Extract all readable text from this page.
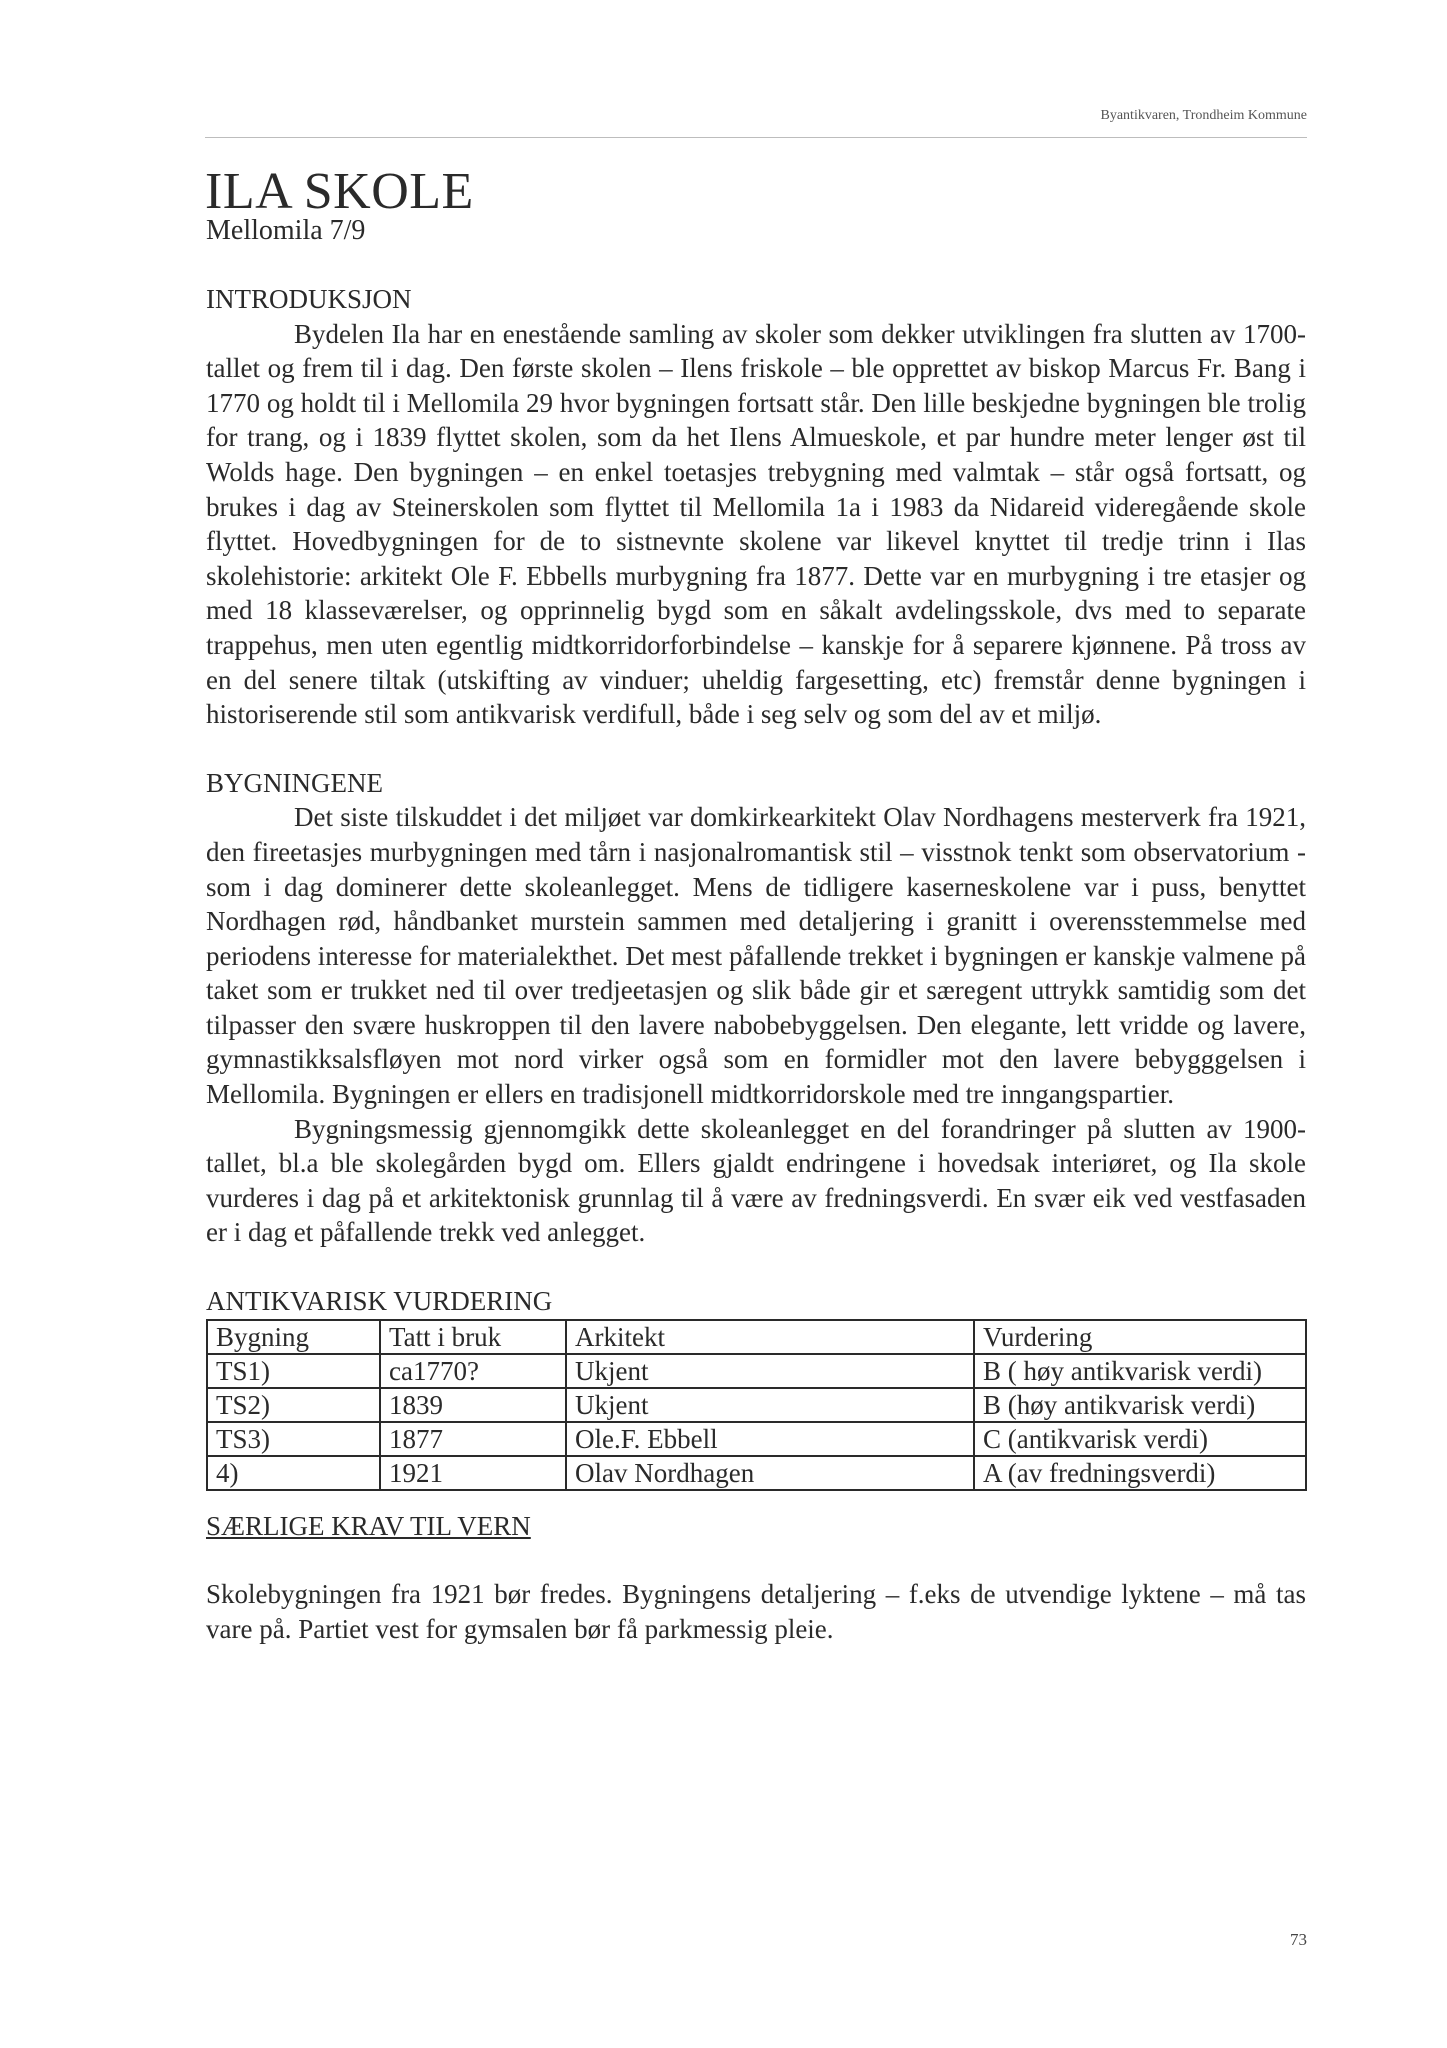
Byantikvaren, Trondheim Kommune
ILA SKOLE
Mellomila 7/9
INTRODUKSJON

Bydelen Ila har en enestående samling av skoler som dekker utviklingen fra slutten av 1700-tallet og frem til i dag. Den første skolen – Ilens friskole – ble opprettet av biskop Marcus Fr. Bang i 1770 og holdt til i Mellomila 29 hvor bygningen fortsatt står. Den lille beskjedne bygningen ble trolig for trang, og i 1839 flyttet skolen, som da het Ilens Almueskole, et par hundre meter lenger øst til Wolds hage. Den bygningen – en enkel toetasjes trebygning med valmtak – står også fortsatt, og brukes i dag av Steinerskolen som flyttet til Mellomila 1a i 1983 da Nidareid videregående skole flyttet. Hovedbygningen for de to sistnevnte skolene var likevel knyttet til tredje trinn i Ilas skolehistorie: arkitekt Ole F. Ebbells murbygning fra 1877. Dette var en murbygning i tre etasjer og med 18 klasseværelser, og opprinnelig bygd som en såkalt avdelingsskole, dvs med to separate trappehus, men uten egentlig midtkorridorforbindelse – kanskje for å separere kjønnene. På tross av en del senere tiltak (utskifting av vinduer; uheldig fargesetting, etc) fremstår denne bygningen i historiserende stil som antikvarisk verdifull, både i seg selv og som del av et miljø.

BYGNINGENE

Det siste tilskuddet i det miljøet var domkirkearkitekt Olav Nordhagens mesterverk fra 1921, den fireetasjes murbygningen med tårn i nasjonalromantisk stil – visstnok tenkt som observatorium - som i dag dominerer dette skoleanlegget. Mens de tidligere kaserneskolene var i puss, benyttet Nordhagen rød, håndbanket murstein sammen med detaljering i granitt i overensstemmelse med periodens interesse for materialekthet. Det mest påfallende trekket i bygningen er kanskje valmene på taket som er trukket ned til over tredjeetasjen og slik både gir et særegent uttrykk samtidig som det tilpasser den svære huskroppen til den lavere nabobebyggelsen. Den elegante, lett vridde og lavere, gymnastikksalsfløyen mot nord virker også som en formidler mot den lavere bebygggelsen i Mellomila. Bygningen er ellers en tradisjonell midtkorridorskole med tre inngangspartier.

Bygningsmessig gjennomgikk dette skoleanlegget en del forandringer på slutten av 1900-tallet, bl.a ble skolegården bygd om. Ellers gjaldt endringene i hovedsak interiøret, og Ila skole vurderes i dag på et arkitektonisk grunnlag til å være av fredningsverdi. En svær eik ved vestfasaden er i dag et påfallende trekk ved anlegget.

ANTIKVARISK VURDERING
Bygning	Tatt i bruk	Arkitekt	Vurdering
TS1)	ca1770?	Ukjent	B ( høy antikvarisk verdi)
TS2)	1839	Ukjent	B (høy antikvarisk verdi)
TS3)	1877	Ole.F. Ebbell	C (antikvarisk verdi)
4)	1921	Olav Nordhagen	A (av fredningsverdi)
SÆRLIGE KRAV TIL VERN

Skolebygningen fra 1921 bør fredes. Bygningens detaljering – f.eks de utvendige lyktene – må tas vare på. Partiet vest for gymsalen bør få parkmessig pleie.

73
